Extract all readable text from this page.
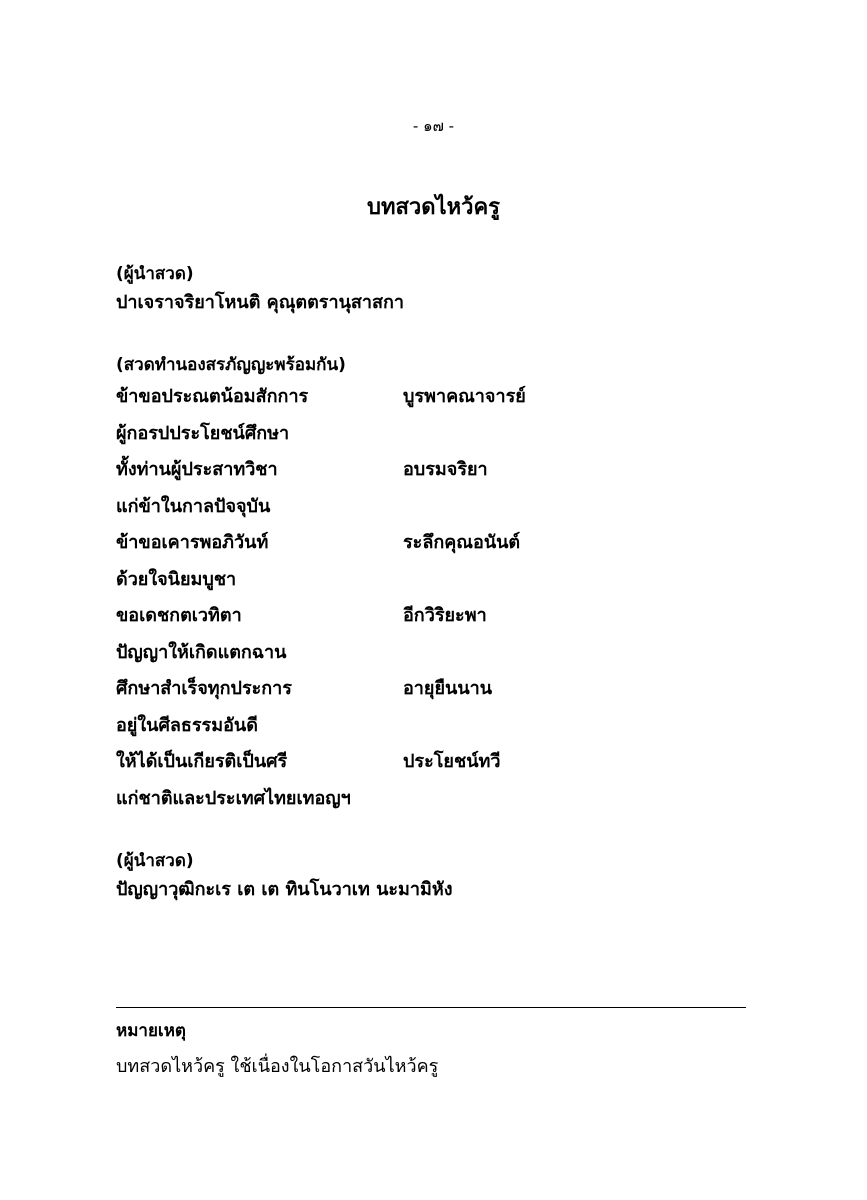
- ๑๗ -
บทสวดไหว้ครู
(ผู้นำสวด)
ปาเจราจริยาโหนติ คุณุตตรานุสาสกา
(สวดทำนองสรภัญญะพร้อมกัน)
ข้าขอประณตน้อมสักการ	บูรพาคณาจารย์
ผู้กอรปประโยชน์ศึกษา
ทั้งท่านผู้ประสาทวิชา	อบรมจริยา
แก่ข้าในกาลปัจจุบัน
ข้าขอเคารพอภิวันท์	ระลึกคุณอนันต์
ด้วยใจนิยมบูชา
ขอเดชกตเวทิตา	อีกวิริยะพา
ปัญญาให้เกิดแตกฉาน
ศึกษาสำเร็จทุกประการ	อายุยืนนาน
อยู่ในศีลธรรมอันดี
ให้ได้เป็นเกียรติเป็นศรี	ประโยชน์ทวี
แก่ชาติและประเทศไทยเทอญฯ
(ผู้นำสวด)
ปัญญาวุฒิกะเร เต เต ทินโนวาเท นะมามิหัง
หมายเหตุ
บทสวดไหว้ครู ใช้เนื่องในโอกาสวันไหว้ครู
